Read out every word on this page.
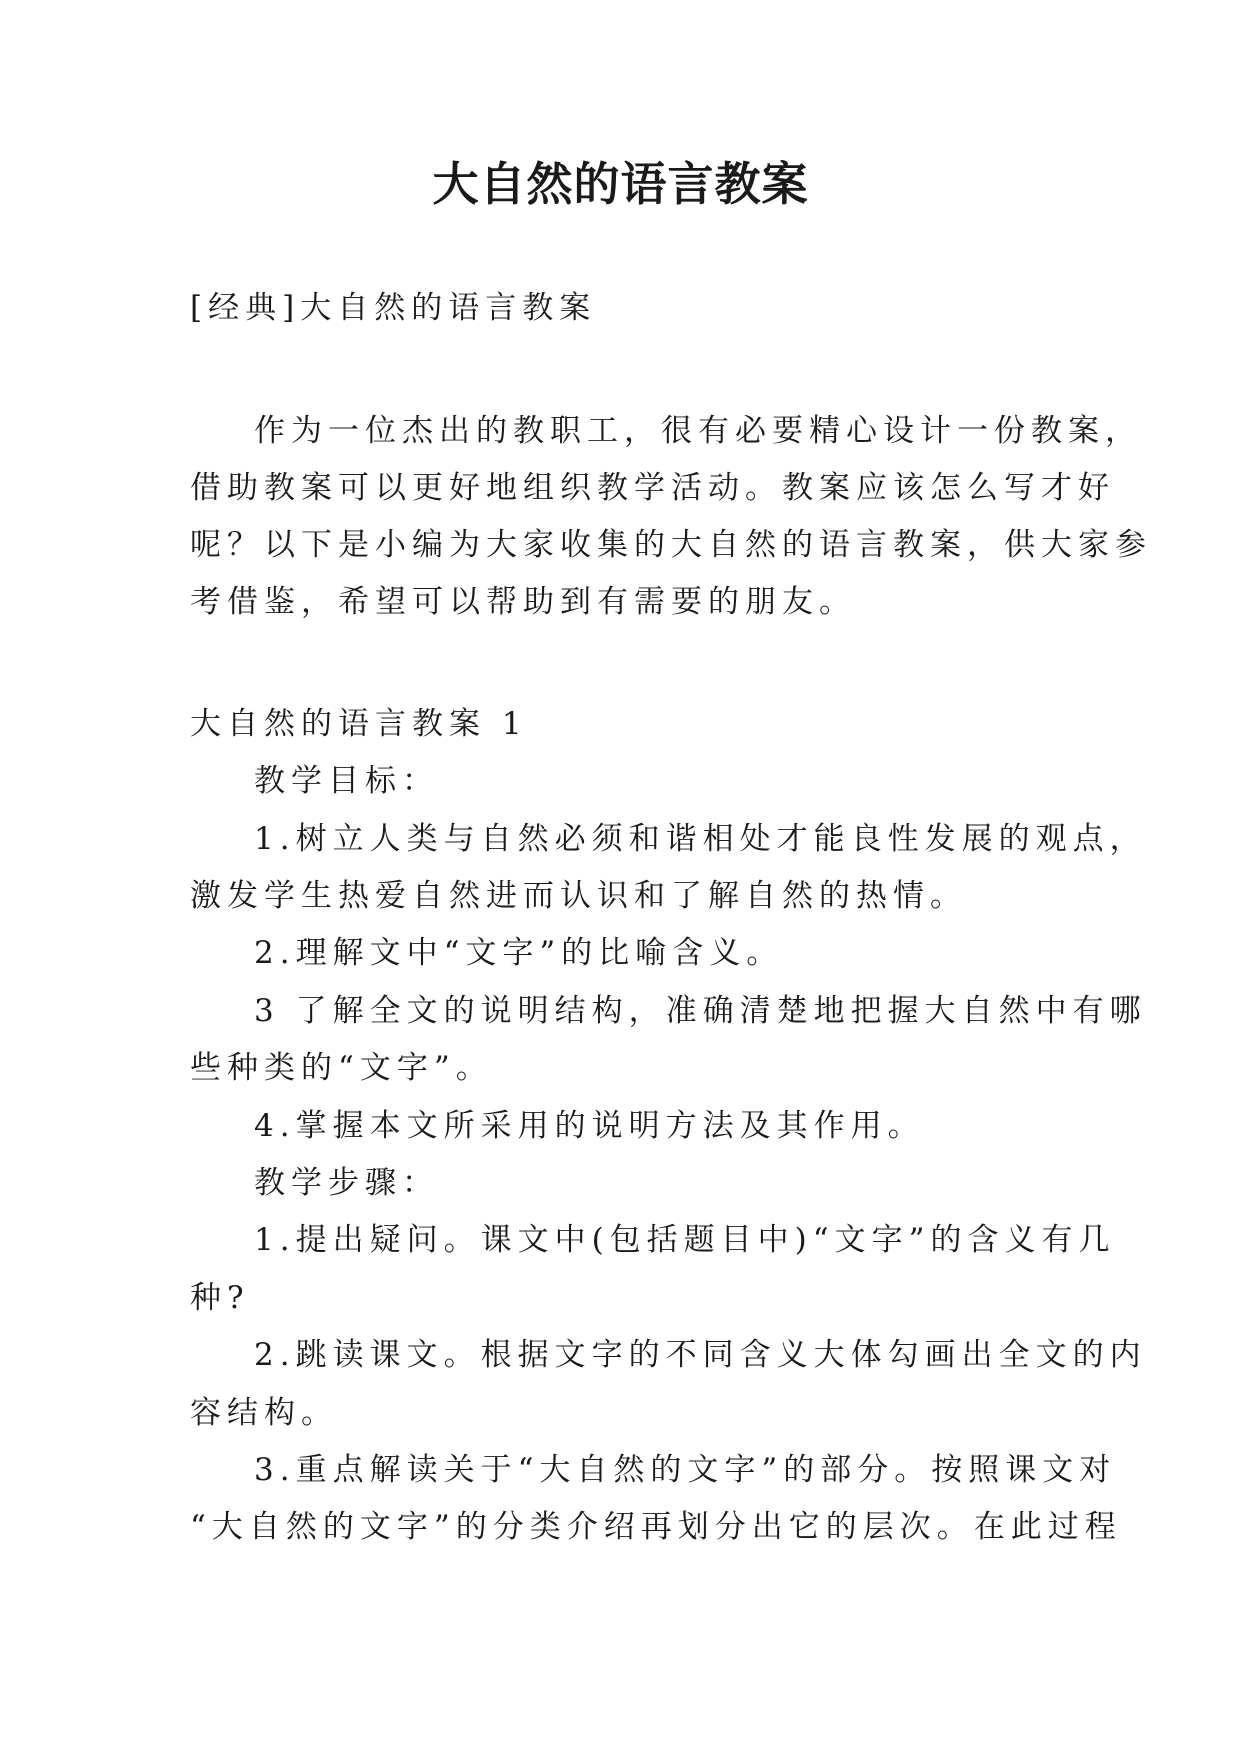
大自然的语言教案

[经典]大自然的语言教案

作为一位杰出的教职工，很有必要精心设计一份教案，

借助教案可以更好地组织教学活动。教案应该怎么写才好

呢？以下是小编为大家收集的大自然的语言教案，供大家参

考借鉴，希望可以帮助到有需要的朋友。

大自然的语言教案 1

教学目标：

1.树立人类与自然必须和谐相处才能良性发展的观点，

激发学生热爱自然进而认识和了解自然的热情。

2.理解文中“文字”的比喻含义。

3 了解全文的说明结构，准确清楚地把握大自然中有哪

些种类的“文字”。

4.掌握本文所采用的说明方法及其作用。

教学步骤：

1.提出疑问。课文中(包括题目中)“文字”的含义有几

种?

2.跳读课文。根据文字的不同含义大体勾画出全文的内

容结构。

3.重点解读关于“大自然的文字”的部分。按照课文对

“大自然的文字”的分类介绍再划分出它的层次。在此过程
